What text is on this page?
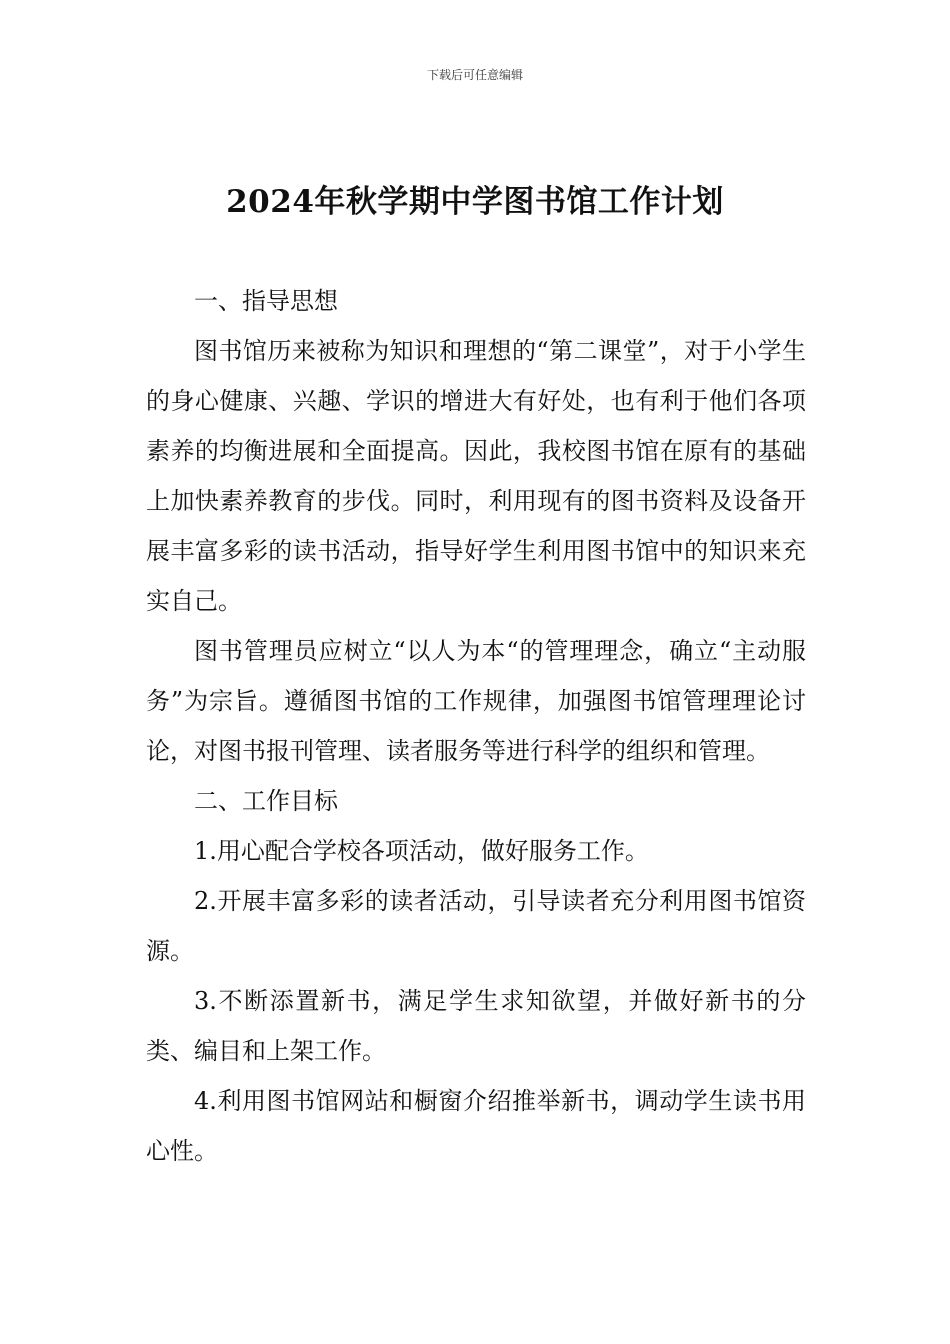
下载后可任意编辑
2024年秋学期中学图书馆工作计划

一、指导思想

图书馆历来被称为知识和理想的“第二课堂”，对于小学生的身心健康、兴趣、学识的增进大有好处，也有利于他们各项素养的均衡进展和全面提高。因此，我校图书馆在原有的基础上加快素养教育的步伐。同时，利用现有的图书资料及设备开展丰富多彩的读书活动，指导好学生利用图书馆中的知识来充实自己。

图书管理员应树立“以人为本“的管理理念，确立“主动服务”为宗旨。遵循图书馆的工作规律，加强图书馆管理理论讨论，对图书报刊管理、读者服务等进行科学的组织和管理。

二、工作目标

1.用心配合学校各项活动，做好服务工作。

2.开展丰富多彩的读者活动，引导读者充分利用图书馆资源。

3.不断添置新书，满足学生求知欲望，并做好新书的分类、编目和上架工作。

4.利用图书馆网站和橱窗介绍推举新书，调动学生读书用心性。
